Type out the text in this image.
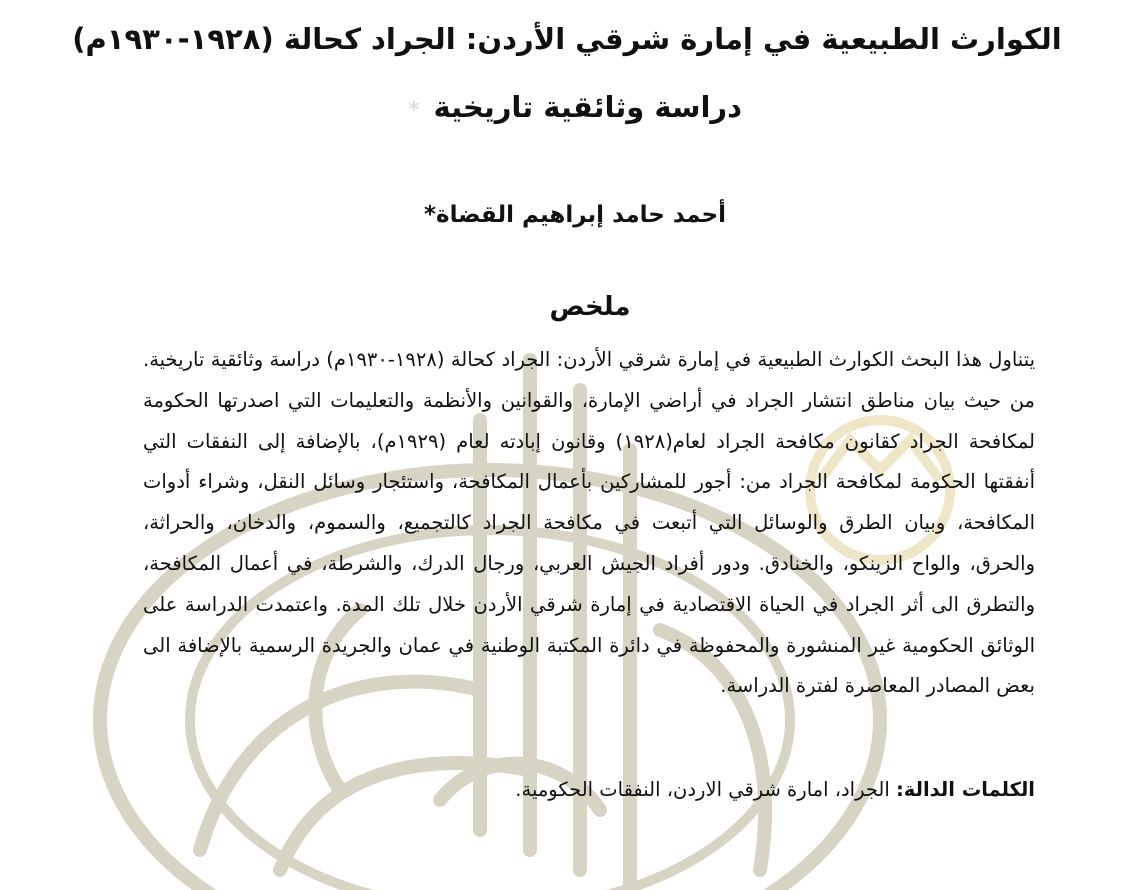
الكوارث الطبيعية في إمارة شرقي الأردن: الجراد كحالة (١٩٢٨-١٩٣٠م)
دراسة وثائقية تاريخية*
أحمد حامد إبراهيم القضاة*
ملخص

يتناول هذا البحث الكوارث الطبيعية في إمارة شرقي الأردن: الجراد كحالة (١٩٢٨-١٩٣٠م) دراسة وثائقية تاريخية. من حيث بيان مناطق انتشار الجراد في أراضي الإمارة، والقوانين والأنظمة والتعليمات التي اصدرتها الحكومة لمكافحة الجراد كقانون مكافحة الجراد لعام(١٩٢٨) وقانون إبادته لعام (١٩٢٩م)، بالإضافة إلى النفقات التي أنفقتها الحكومة لمكافحة الجراد من: أجور للمشاركين بأعمال المكافحة، واستئجار وسائل النقل، وشراء أدوات المكافحة، وبيان الطرق والوسائل التي أتبعت في مكافحة الجراد كالتجميع، والسموم، والدخان، والحراثة، والحرق، والواح الزينكو، والخنادق. ودور أفراد الجيش العربي، ورجال الدرك، والشرطة، في أعمال المكافحة، والتطرق الى أثر الجراد في الحياة الاقتصادية في إمارة شرقي الأردن خلال تلك المدة. واعتمدت الدراسة على الوثائق الحكومية غير المنشورة والمحفوظة في دائرة المكتبة الوطنية في عمان والجريدة الرسمية بالإضافة الى بعض المصادر المعاصرة لفترة الدراسة.

الكلمات الدالة: الجراد، امارة شرقي الاردن، النفقات الحكومية.
